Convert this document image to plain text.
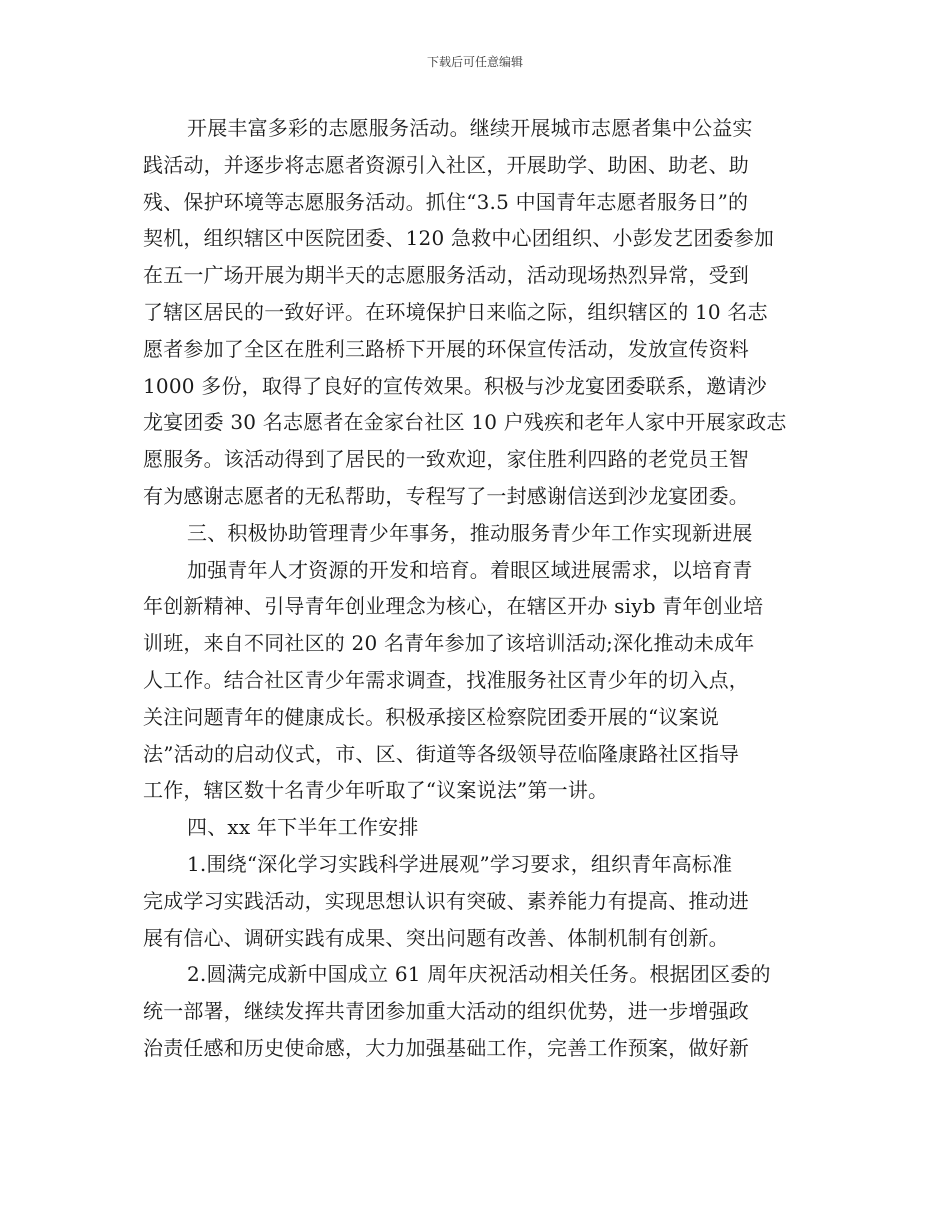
下载后可任意编辑
开展丰富多彩的志愿服务活动。继续开展城市志愿者集中公益实
践活动，并逐步将志愿者资源引入社区，开展助学、助困、助老、助
残、保护环境等志愿服务活动。抓住“3.5 中国青年志愿者服务日”的
契机，组织辖区中医院团委、120 急救中心团组织、小彭发艺团委参加
在五一广场开展为期半天的志愿服务活动，活动现场热烈异常，受到
了辖区居民的一致好评。在环境保护日来临之际，组织辖区的 10 名志
愿者参加了全区在胜利三路桥下开展的环保宣传活动，发放宣传资料
1000 多份，取得了良好的宣传效果。积极与沙龙宴团委联系，邀请沙
龙宴团委 30 名志愿者在金家台社区 10 户残疾和老年人家中开展家政志
愿服务。该活动得到了居民的一致欢迎，家住胜利四路的老党员王智
有为感谢志愿者的无私帮助，专程写了一封感谢信送到沙龙宴团委。
三、积极协助管理青少年事务，推动服务青少年工作实现新进展
加强青年人才资源的开发和培育。着眼区域进展需求，以培育青
年创新精神、引导青年创业理念为核心，在辖区开办 siyb 青年创业培
训班，来自不同社区的 20 名青年参加了该培训活动;深化推动未成年
人工作。结合社区青少年需求调查，找准服务社区青少年的切入点，
关注问题青年的健康成长。积极承接区检察院团委开展的“议案说
法”活动的启动仪式，市、区、街道等各级领导莅临隆康路社区指导
工作，辖区数十名青少年听取了“议案说法”第一讲。
四、xx 年下半年工作安排
1.围绕“深化学习实践科学进展观”学习要求，组织青年高标准
完成学习实践活动，实现思想认识有突破、素养能力有提高、推动进
展有信心、调研实践有成果、突出问题有改善、体制机制有创新。
2.圆满完成新中国成立 61 周年庆祝活动相关任务。根据团区委的
统一部署，继续发挥共青团参加重大活动的组织优势，进一步增强政
治责任感和历史使命感，大力加强基础工作，完善工作预案，做好新
